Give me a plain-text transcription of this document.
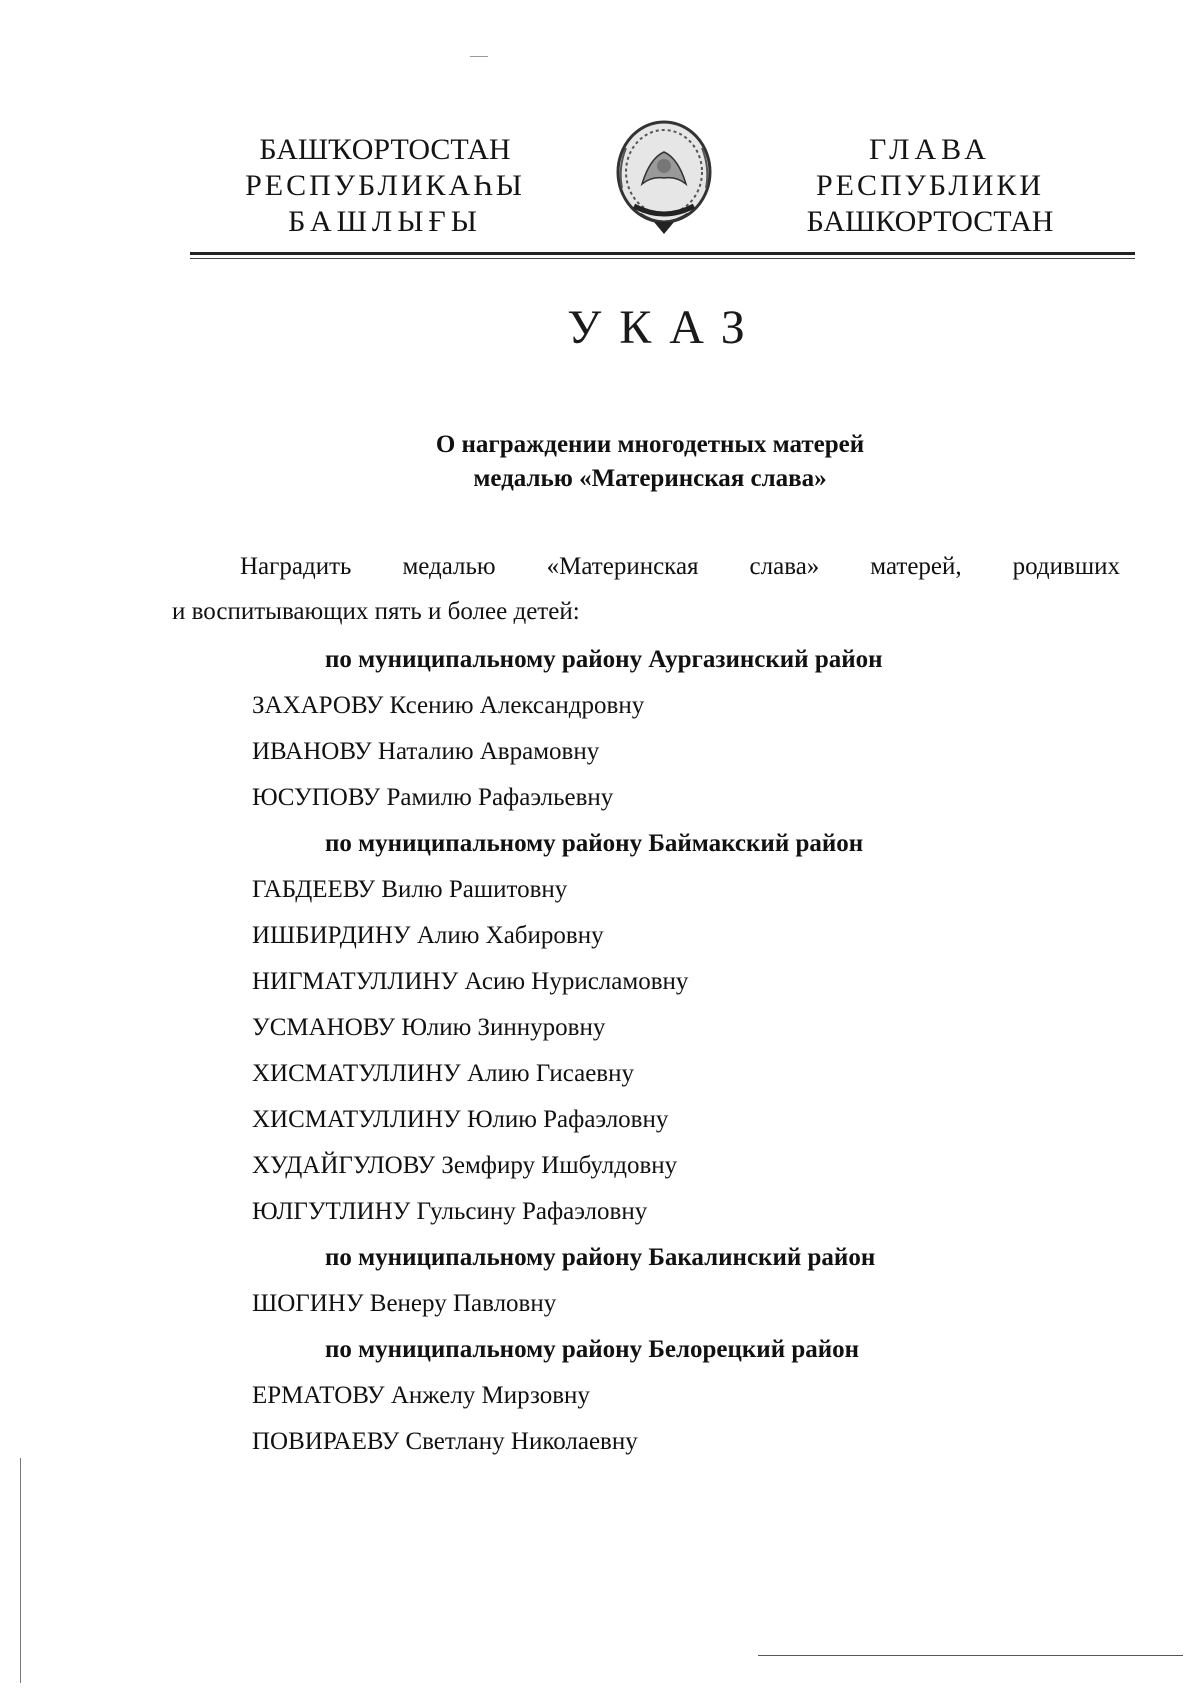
БАШҠОРТОСТАН
РЕСПУБЛИКАҺЫ
БАШЛЫҒЫ
ГЛАВА
РЕСПУБЛИКИ
БАШКОРТОСТАН
УКАЗ
О награждении многодетных матерей
медалью «Материнская слава»
Наградить медалью «Материнская слава» матерей, родивших
и воспитывающих пять и более детей:
по муниципальному району Аургазинский район
ЗАХАРОВУ Ксению Александровну
ИВАНОВУ Наталию Аврамовну
ЮСУПОВУ Рамилю Рафаэльевну
по муниципальному району Баймакский район
ГАБДЕЕВУ Вилю Рашитовну
ИШБИРДИНУ Алию Хабировну
НИГМАТУЛЛИНУ Асию Нурисламовну
УСМАНОВУ Юлию Зиннуровну
ХИСМАТУЛЛИНУ Алию Гисаевну
ХИСМАТУЛЛИНУ Юлию Рафаэловну
ХУДАЙГУЛОВУ Земфиру Ишбулдовну
ЮЛГУТЛИНУ Гульсину Рафаэловну
по муниципальному району Бакалинский район
ШОГИНУ Венеру Павловну
по муниципальному району Белорецкий район
ЕРМАТОВУ Анжелу Мирзовну
ПОВИРАЕВУ Светлану Николаевну
